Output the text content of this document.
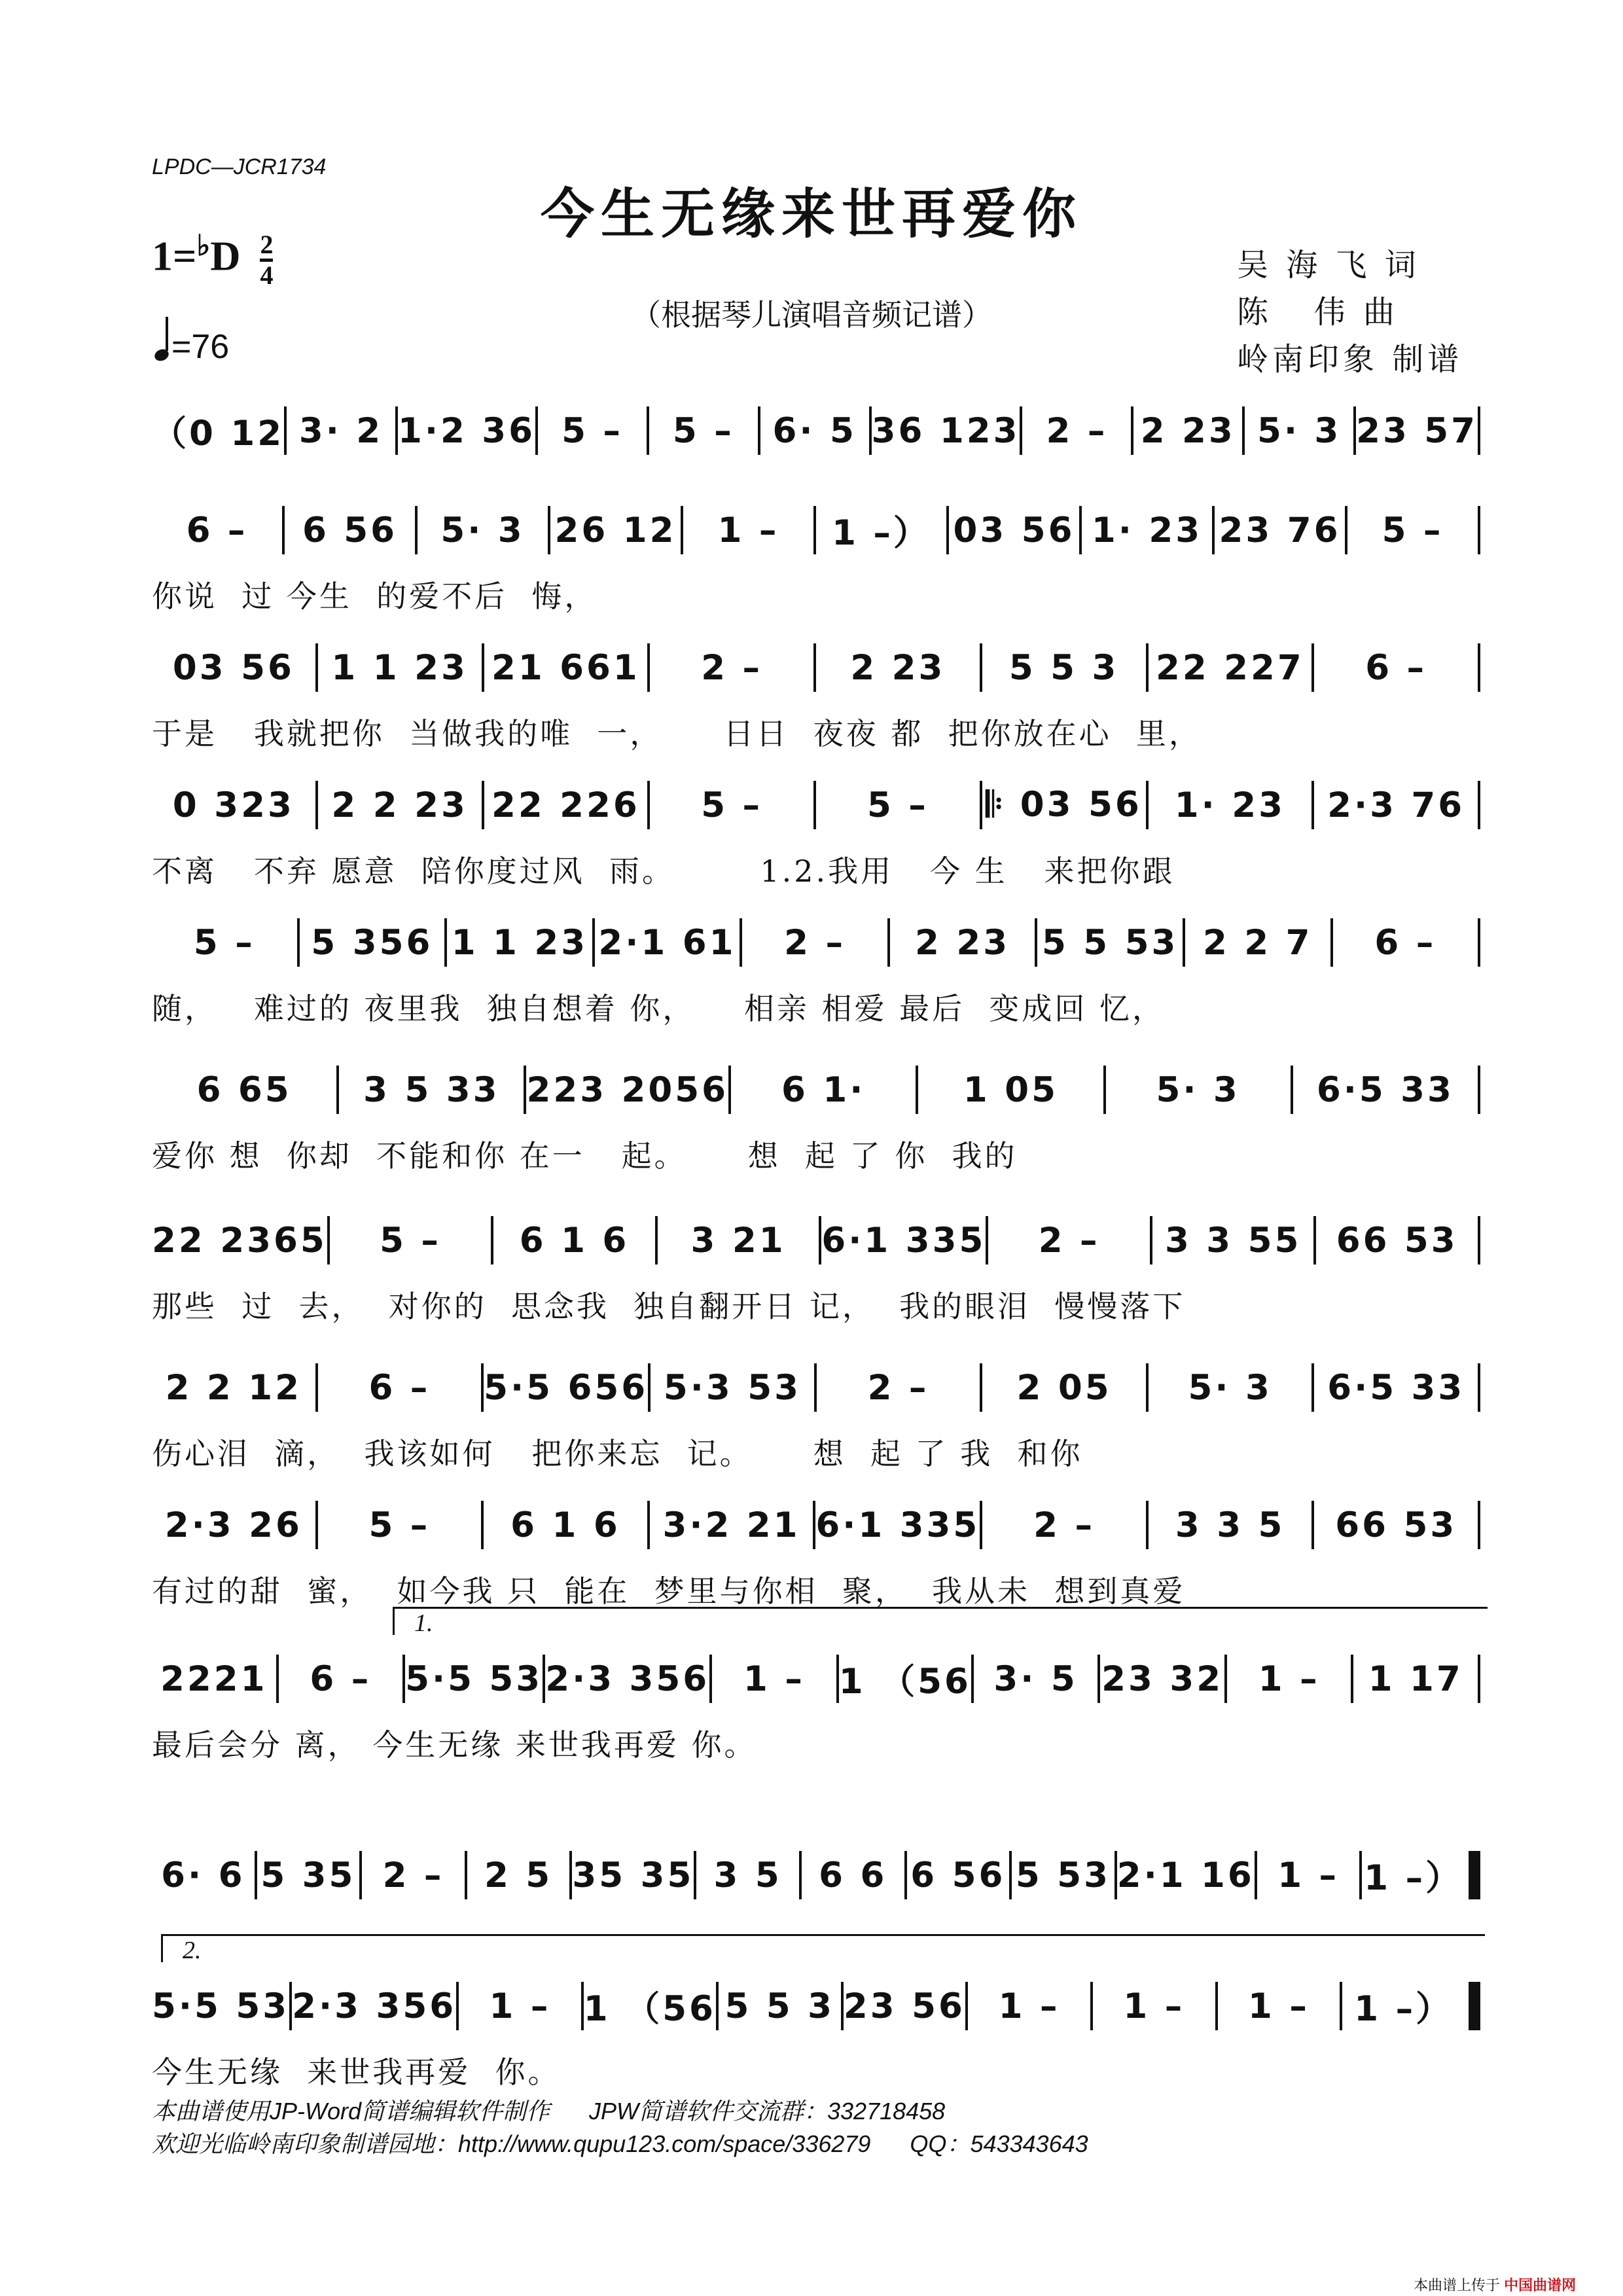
LPDC—JCR1734
今生无缘来世再爱你
$1=^♭D \frac{2}{4}$
=76
（根据琴儿演唱音频记谱）
吴 海 飞 词
陈   伟 曲
岭南印象 制谱
（0 12 3· 2 1·2 36 5 –	5 –	6· 5 36 123 2 – 2 23 5· 3 23 57
6 –	6 56	5· 3 26 12	1 –	1 –） 03 56 1· 23 23 76	5 –
你说  过 今生  的爱不后  悔，
03 56	1 1 23 21 661	2 –	2 23	5 5 3	22 227	6 –
于是   我就把你  当做我的唯  一，     日日  夜夜 都  把你放在心  里，
0 323	2 2 23 22 226	5 –	5 –	𝄆 03 56 1· 23	2·3 76
不离   不弃 愿意  陪你度过风  雨。       1.2.我用   今 生   来把你跟
5 –	5 356 1 1 23 2·1 61	2 –	2 23 5 5 53 2 2 7	6 –
随，   难过的 夜里我  独自想着 你，    相亲 相爱 最后  变成回 忆，
6 65	3 5 33 223 2056	6 1·	1 05	5· 3	6·5 33
爱你 想  你却  不能和你 在一   起。     想  起 了 你  我的
22 2365	5 –	6 1 6	3 21	6·1 335	2 –	3 3 55	66 53
那些  过  去，  对你的  思念我  独自翻开日 记，  我的眼泪  慢慢落下
2 2 12	6 –	5·5 656 5·3 53	2 –	2 05	5· 3	6·5 33
伤心泪  滴，  我该如何   把你来忘  记。     想  起 了 我  和你
2·3 26	5 –	6 1 6	3·2 21 6·1 335	2 –	3 3 5	66 53
有过的甜  蜜，  如今我 只  能在  梦里与你相  聚，  我从未  想到真爱
1.
2221	6 – 5·5 53 2·3 356 1 – 1 （56 3· 5 23 32	1 –	1 17
最后会分 离， 今生无缘 来世我再爱 你。
6· 6 5 35 2 –	2 5 35 35 3 5	6 6 6 56 5 53 2·1 16 1 – 1 –）
2.
5·5 53 2·3 356 1 – 1 （56 5 5 3 23 56 1 –	1 –	1 –	1 –）
今生无缘  来世我再爱  你。
本曲谱使用JP-Word简谱编辑软件制作      JPW简谱软件交流群：332718458
欢迎光临岭南印象制谱园地：http://www.qupu123.com/space/336279      QQ：543343643
本曲谱上传于 中国曲谱网
